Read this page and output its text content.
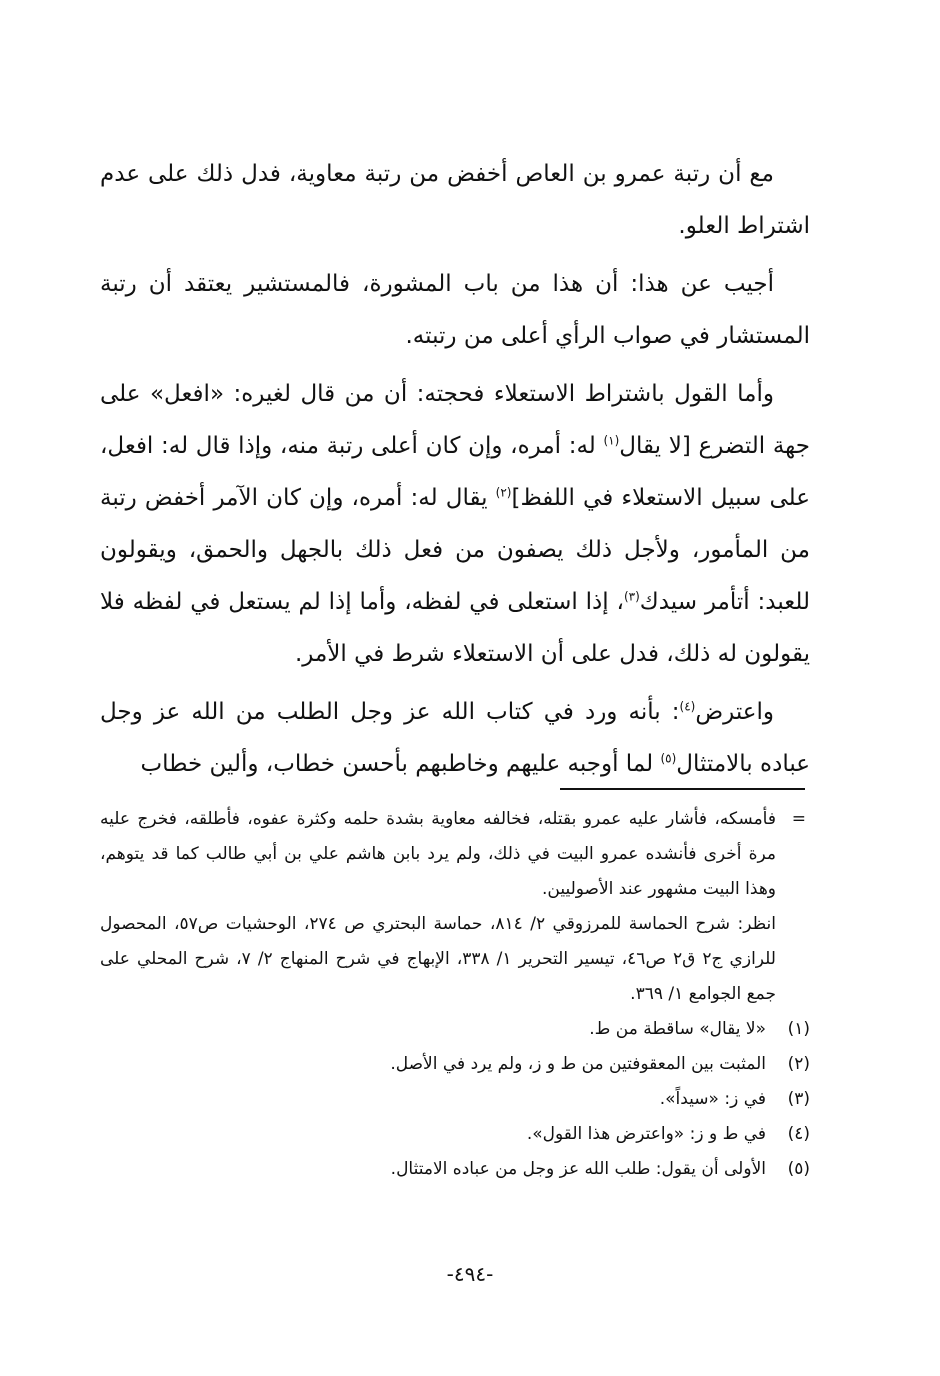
مع أن رتبة عمرو بن العاص أخفض من رتبة معاوية، فدل ذلك على عدم اشتراط العلو.

أجيب عن هذا: أن هذا من باب المشورة، فالمستشير يعتقد أن رتبة المستشار في صواب الرأي أعلى من رتبته.

وأما القول باشتراط الاستعلاء فحجته: أن من قال لغيره: «افعل» على جهة التضرع [لا يقال$^{(١)}$ له: أمره، وإن كان أعلى رتبة منه، وإذا قال له: افعل، على سبيل الاستعلاء في اللفظ]$^{(٢)}$ يقال له: أمره، وإن كان الآمر أخفض رتبة من المأمور، ولأجل ذلك يصفون من فعل ذلك بالجهل والحمق، ويقولون للعبد: أتأمر سيدك$^{(٣)}$، إذا استعلى في لفظه، وأما إذا لم يستعل في لفظه فلا يقولون له ذلك، فدل على أن الاستعلاء شرط في الأمر.

واعترض$^{(٤)}$: بأنه ورد في كتاب الله عز وجل الطلب من الله عز وجل عباده بالامتثال$^{(٥)}$ لما أوجبه عليهم وخاطبهم بأحسن خطاب، وألين خطاب

=

فأمسكه، فأشار عليه عمرو بقتله، فخالفه معاوية بشدة حلمه وكثرة عفوه، فأطلقه، فخرج عليه مرة أخرى فأنشده عمرو البيت في ذلك، ولم يرد بابن هاشم علي بن أبي طالب كما قد يتوهم، وهذا البيت مشهور عند الأصوليين.

انظر: شرح الحماسة للمرزوقي ٢/ ٨١٤، حماسة البحتري ص ٢٧٤، الوحشيات ص٥٧، المحصول للرازي ج٢ ق٢ ص٤٦، تيسير التحرير ١/ ٣٣٨، الإبهاج في شرح المنهاج ٢/ ٧، شرح المحلي على جمع الجوامع ١/ ٣٦٩.

(١)
«لا يقال» ساقطة من ط.
(٢)
المثبت بين المعقوفتين من ط و ز، ولم يرد في الأصل.
(٣)
في ز: «سيداً».
(٤)
في ط و ز: «واعترض هذا القول».
(٥)
الأولى أن يقول: طلب الله عز وجل من عباده الامتثال.
-٤٩٤-
